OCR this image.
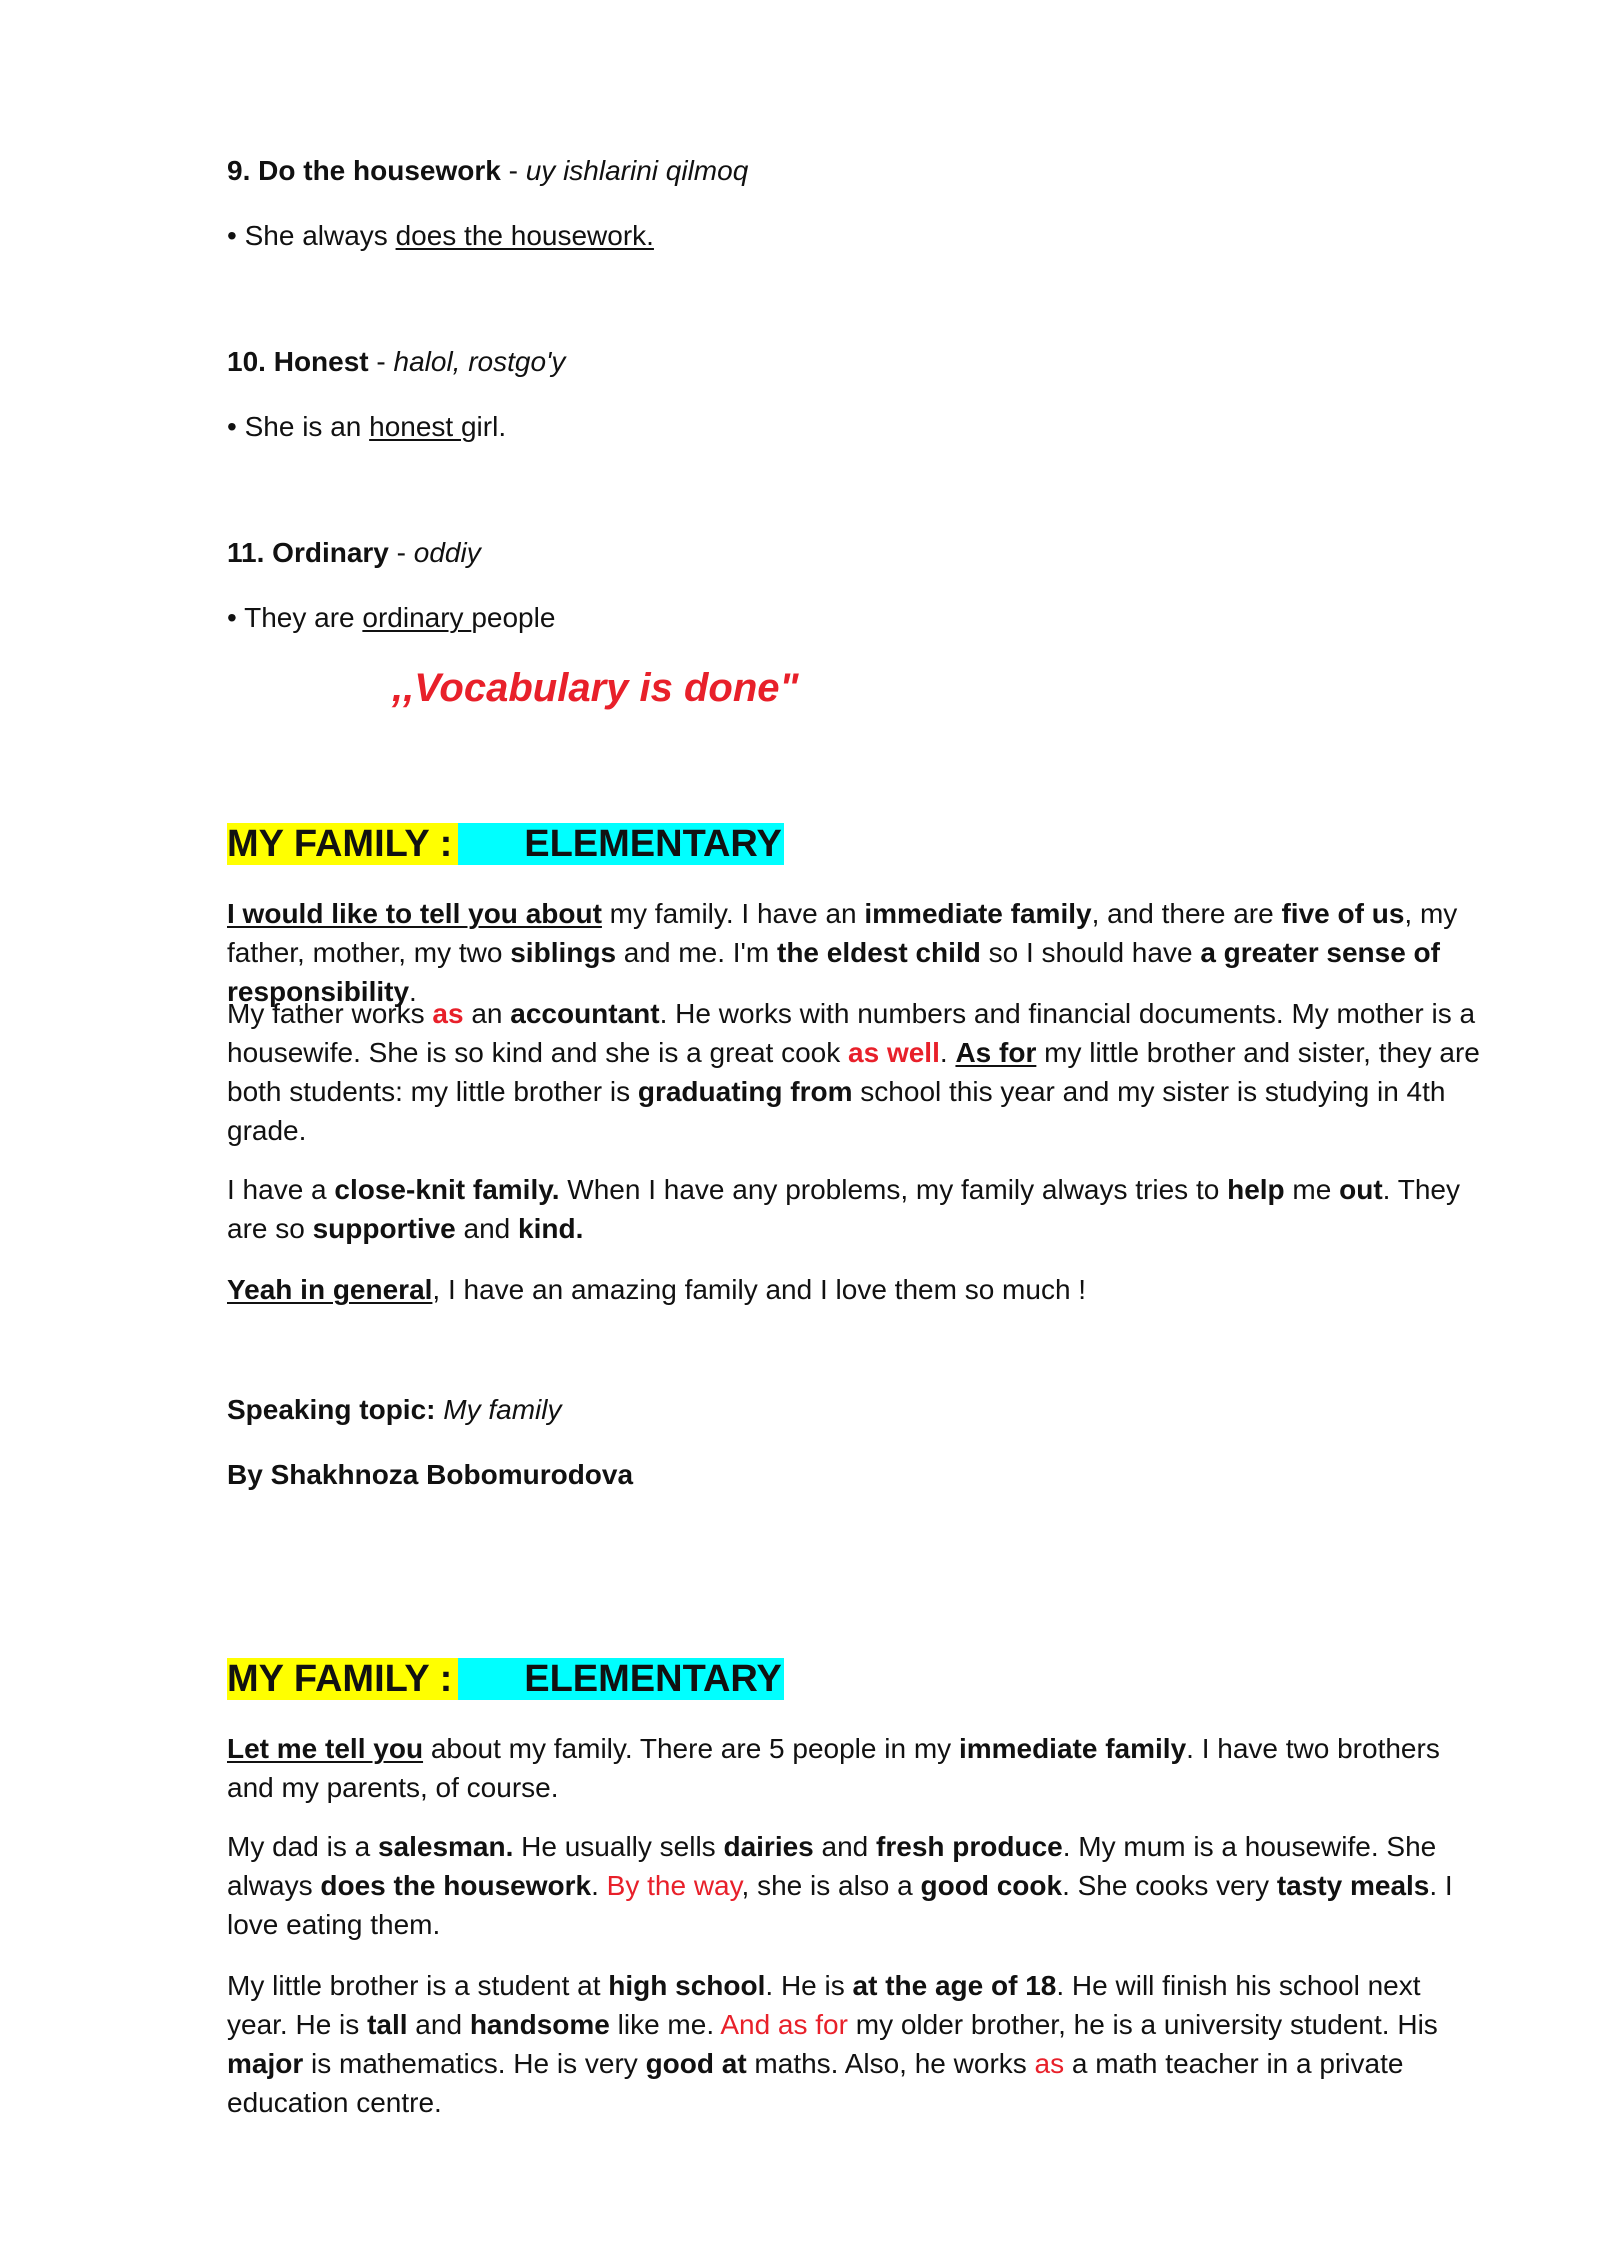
9. Do the housework - uy ishlarini qilmoq
• She always does the housework.
10. Honest - halol, rostgo'y
• She is an honest girl.
11. Ordinary - oddiy
• They are ordinary people
,,Vocabulary is done"
MY FAMILY : ELEMENTARY

I would like to tell you about my family. I have an immediate family, and there are five of us, my father, mother, my two siblings and me. I'm the eldest child so I should have a greater sense of responsibility.

My father works as an accountant. He works with numbers and financial documents. My mother is a housewife. She is so kind and she is a great cook as well. As for my little brother and sister, they are both students: my little brother is graduating from school this year and my sister is studying in 4th grade.

I have a close-knit family. When I have any problems, my family always tries to help me out. They are so supportive and kind.

Yeah in general, I have an amazing family and I love them so much !

Speaking topic: My family
By Shakhnoza Bobomurodova
MY FAMILY : ELEMENTARY

Let me tell you about my family. There are 5 people in my immediate family. I have two brothers and my parents, of course.

My dad is a salesman. He usually sells dairies and fresh produce. My mum is a housewife. She always does the housework. By the way, she is also a good cook. She cooks very tasty meals. I love eating them.

My little brother is a student at high school. He is at the age of 18. He will finish his school next year. He is tall and handsome like me. And as for my older brother, he is a university student. His major is mathematics. He is very good at maths. Also, he works as a math teacher in a private education centre.
